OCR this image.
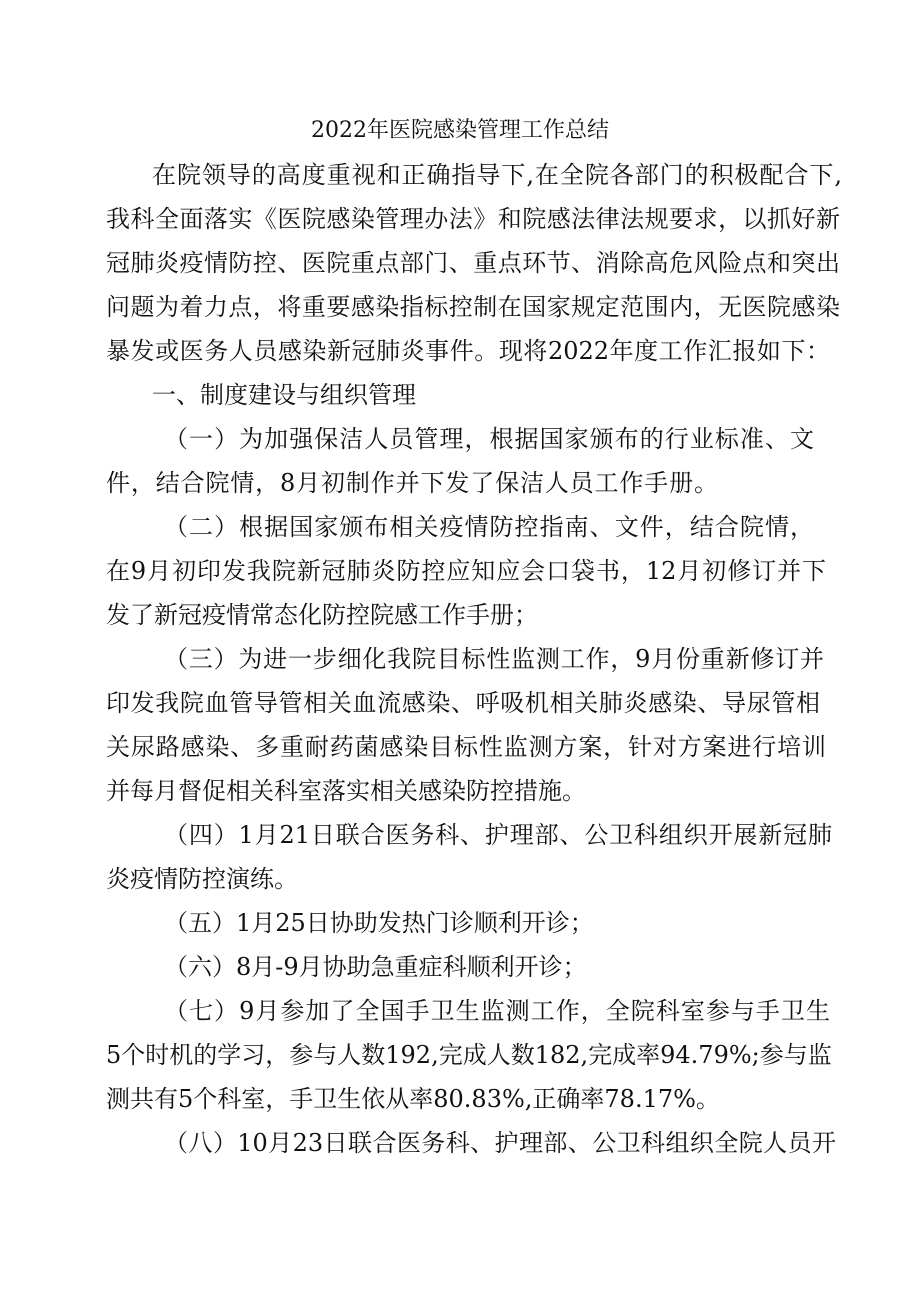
2022年医院感染管理工作总结
在院领导的高度重视和正确指导下,在全院各部门的积极配合下,
我科全面落实《医院感染管理办法》和院感法律法规要求，以抓好新
冠肺炎疫情防控、医院重点部门、重点环节、消除高危风险点和突出
问题为着力点，将重要感染指标控制在国家规定范围内，无医院感染
暴发或医务人员感染新冠肺炎事件。现将2022年度工作汇报如下：
一、制度建设与组织管理
（一）为加强保洁人员管理，根据国家颁布的行业标准、文
件，结合院情，8月初制作并下发了保洁人员工作手册。
（二）根据国家颁布相关疫情防控指南、文件，结合院情，
在9月初印发我院新冠肺炎防控应知应会口袋书，12月初修订并下
发了新冠疫情常态化防控院感工作手册；
（三）为进一步细化我院目标性监测工作，9月份重新修订并
印发我院血管导管相关血流感染、呼吸机相关肺炎感染、导尿管相
关尿路感染、多重耐药菌感染目标性监测方案，针对方案进行培训
并每月督促相关科室落实相关感染防控措施。
（四）1月21日联合医务科、护理部、公卫科组织开展新冠肺
炎疫情防控演练。
（五）1月25日协助发热门诊顺利开诊；
（六）8月-9月协助急重症科顺利开诊；
（七）9月参加了全国手卫生监测工作，全院科室参与手卫生
5个时机的学习，参与人数192,完成人数182,完成率94.79%;参与监
测共有5个科室，手卫生依从率80.83%,正确率78.17%。
（八）10月23日联合医务科、护理部、公卫科组织全院人员开
